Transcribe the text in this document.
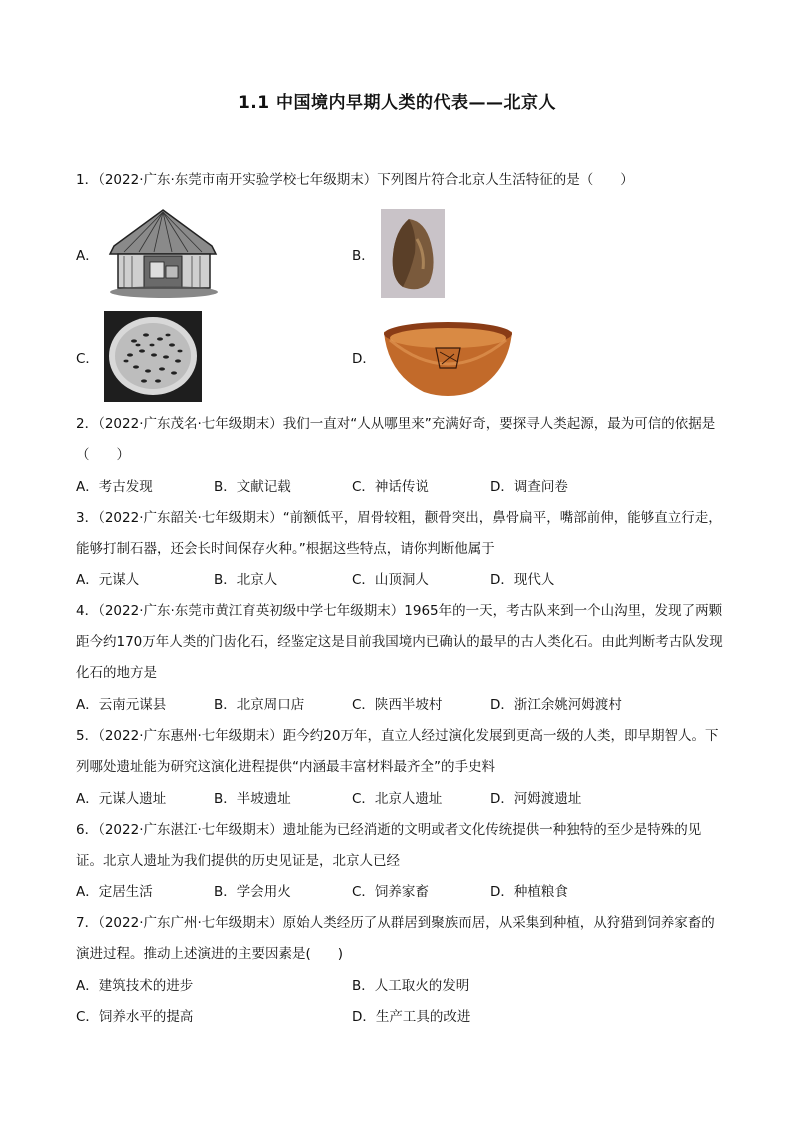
1.1 中国境内早期人类的代表——北京人
1．（2022·广东·东莞市南开实验学校七年级期末）下列图片符合北京人生活特征的是（　　）
A．	B．
C．	D．
2．（2022·广东茂名·七年级期末）我们一直对“人从哪里来”充满好奇，要探寻人类起源，最为可信的依据是（　　）
A．考古发现	B．文献记载	C．神话传说	D．调查问卷
3．（2022·广东韶关·七年级期末）“前额低平，眉骨较粗，颧骨突出，鼻骨扁平，嘴部前伸，能够直立行走，能够打制石器，还会长时间保存火种。”根据这些特点，请你判断他属于
A．元谋人	B．北京人	C．山顶洞人	D．现代人
4．（2022·广东·东莞市黄江育英初级中学七年级期末）1965年的一天，考古队来到一个山沟里，发现了两颗距今约170万年人类的门齿化石，经鉴定这是目前我国境内已确认的最早的古人类化石。由此判断考古队发现化石的地方是
A．云南元谋县	B．北京周口店	C．陕西半坡村	D．浙江余姚河姆渡村
5．（2022·广东惠州·七年级期末）距今约20万年，直立人经过演化发展到更高一级的人类，即早期智人。下列哪处遗址能为研究这演化进程提供“内涵最丰富材料最齐全”的手史料
A．元谋人遗址	B．半坡遗址	C．北京人遗址	D．河姆渡遗址
6．（2022·广东湛江·七年级期末）遗址能为已经消逝的文明或者文化传统提供一种独特的至少是特殊的见证。北京人遗址为我们提供的历史见证是，北京人已经
A．定居生活	B．学会用火	C．饲养家畜	D．种植粮食
7．（2022·广东广州·七年级期末）原始人类经历了从群居到聚族而居，从采集到种植，从狩猎到饲养家畜的演进过程。推动上述演进的主要因素是(　　)
A．建筑技术的进步	B．人工取火的发明
C．饲养水平的提高	D．生产工具的改进
